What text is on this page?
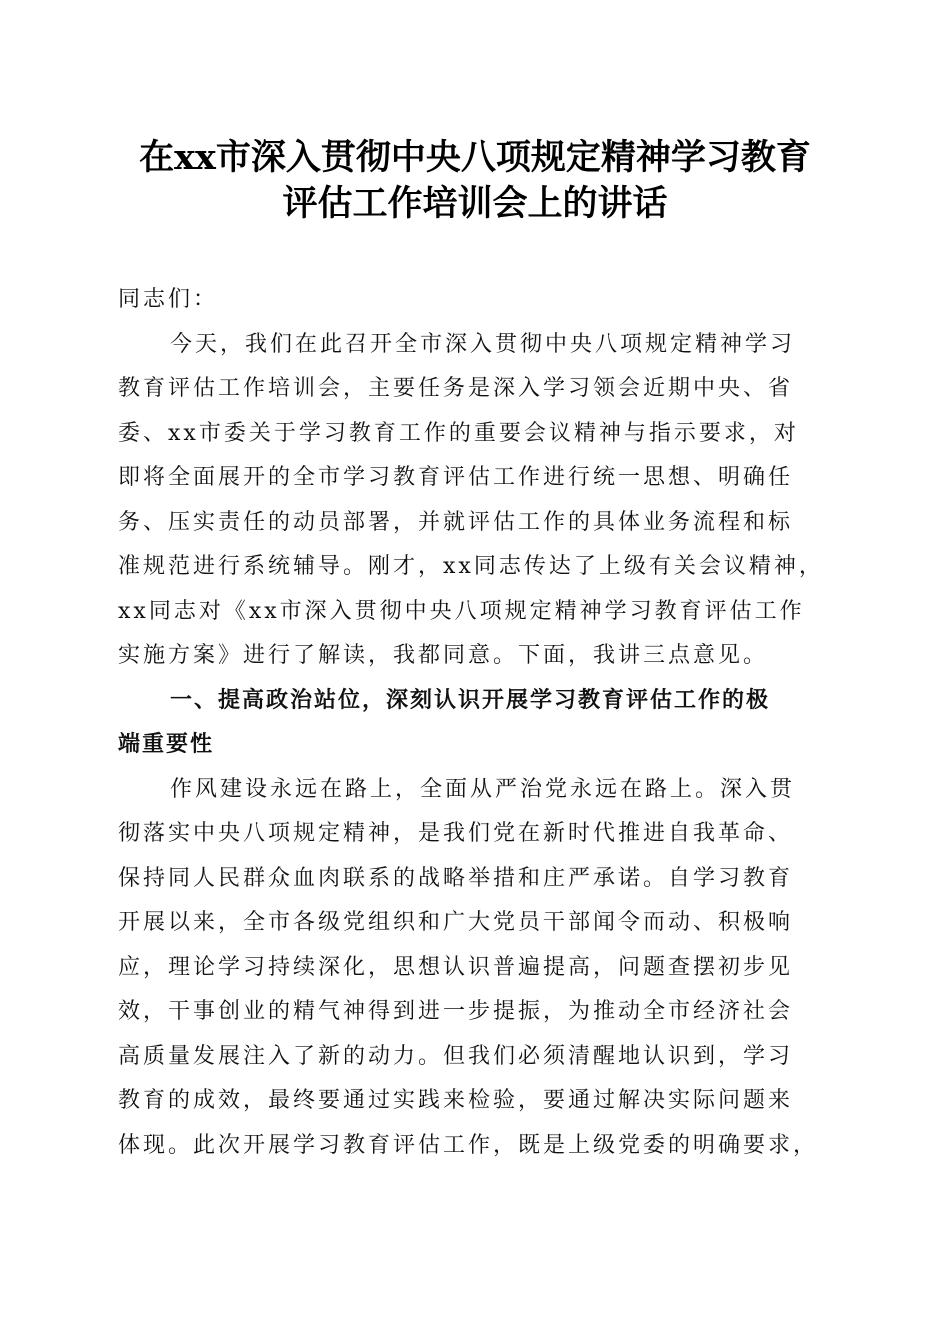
在xx市深入贯彻中央八项规定精神学习教育
评估工作培训会上的讲话
同志们：
今天，我们在此召开全市深入贯彻中央八项规定精神学习
教育评估工作培训会，主要任务是深入学习领会近期中央、省
委、xx市委关于学习教育工作的重要会议精神与指示要求，对
即将全面展开的全市学习教育评估工作进行统一思想、明确任
务、压实责任的动员部署，并就评估工作的具体业务流程和标
准规范进行系统辅导。刚才，xx同志传达了上级有关会议精神，
xx同志对《xx市深入贯彻中央八项规定精神学习教育评估工作
实施方案》进行了解读，我都同意。下面，我讲三点意见。
一、提高政治站位，深刻认识开展学习教育评估工作的极
端重要性
作风建设永远在路上，全面从严治党永远在路上。深入贯
彻落实中央八项规定精神，是我们党在新时代推进自我革命、
保持同人民群众血肉联系的战略举措和庄严承诺。自学习教育
开展以来，全市各级党组织和广大党员干部闻令而动、积极响
应，理论学习持续深化，思想认识普遍提高，问题查摆初步见
效，干事创业的精气神得到进一步提振，为推动全市经济社会
高质量发展注入了新的动力。但我们必须清醒地认识到，学习
教育的成效，最终要通过实践来检验，要通过解决实际问题来
体现。此次开展学习教育评估工作，既是上级党委的明确要求，
